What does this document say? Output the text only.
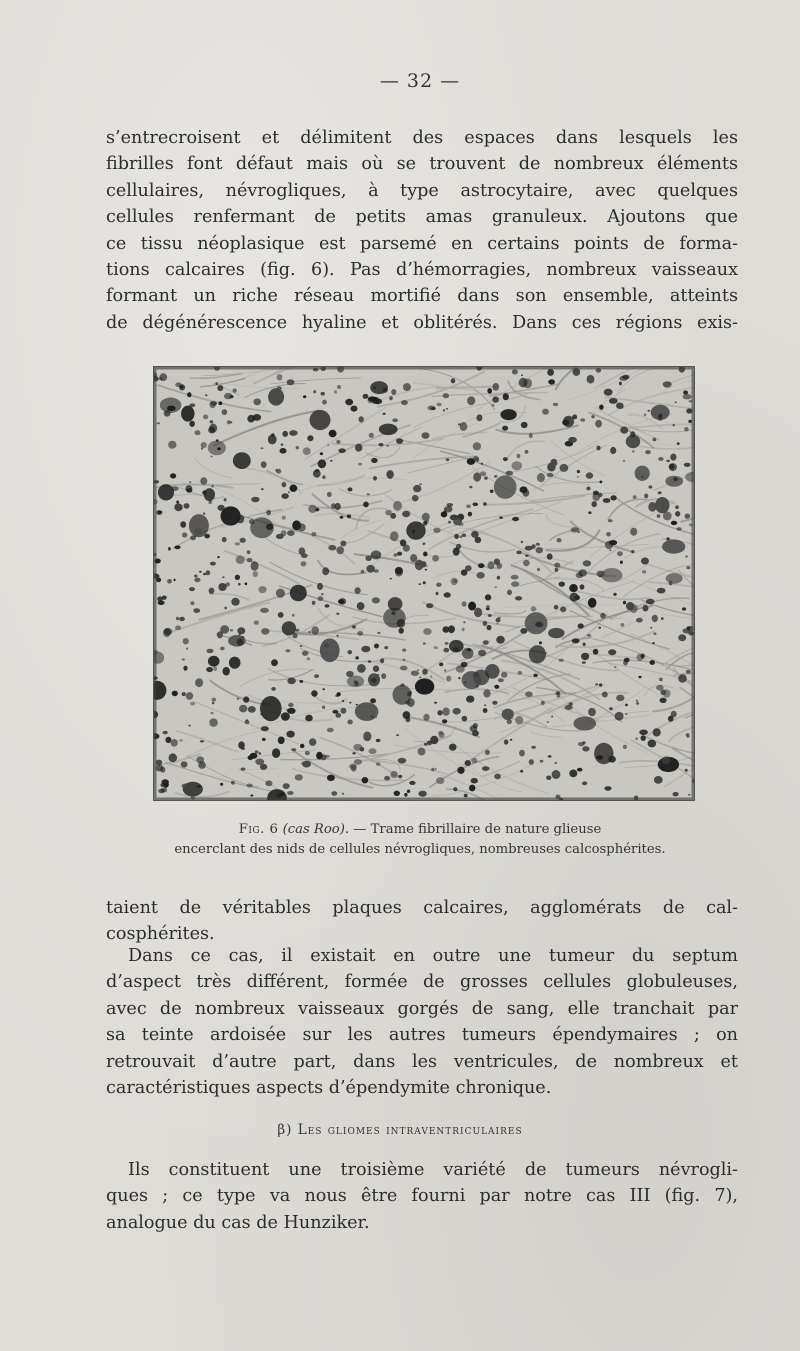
— 32 —
s’entrecroisent et délimitent des espaces dans lesquels les
fibrilles font défaut mais où se trouvent de nombreux éléments
cellulaires, névrogliques, à type astrocytaire, avec quelques
cellules renfermant de petits amas granuleux. Ajoutons que
ce tissu néoplasique est parsemé en certains points de forma-
tions calcaires (fig. 6). Pas d’hémorragies, nombreux vaisseaux
formant un riche réseau mortifié dans son ensemble, atteints
de dégénérescence hyaline et oblitérés. Dans ces régions exis-
Fig. 6 (cas Roo). — Trame fibrillaire de nature glieuse
encerclant des nids de cellules névrogliques, nombreuses calcosphérites.
taient de véritables plaques calcaires, agglomérats de cal-
cosphérites.
Dans ce cas, il existait en outre une tumeur du septum
d’aspect très différent, formée de grosses cellules globuleuses,
avec de nombreux vaisseaux gorgés de sang, elle tranchait par
sa teinte ardoisée sur les autres tumeurs épendymaires ; on
retrouvait d’autre part, dans les ventricules, de nombreux et
caractéristiques aspects d’épendymite chronique.
β) Les gliomes intraventriculaires
Ils constituent une troisième variété de tumeurs névrogli-
ques ; ce type va nous être fourni par notre cas III (fig. 7),
analogue du cas de Hunziker.
